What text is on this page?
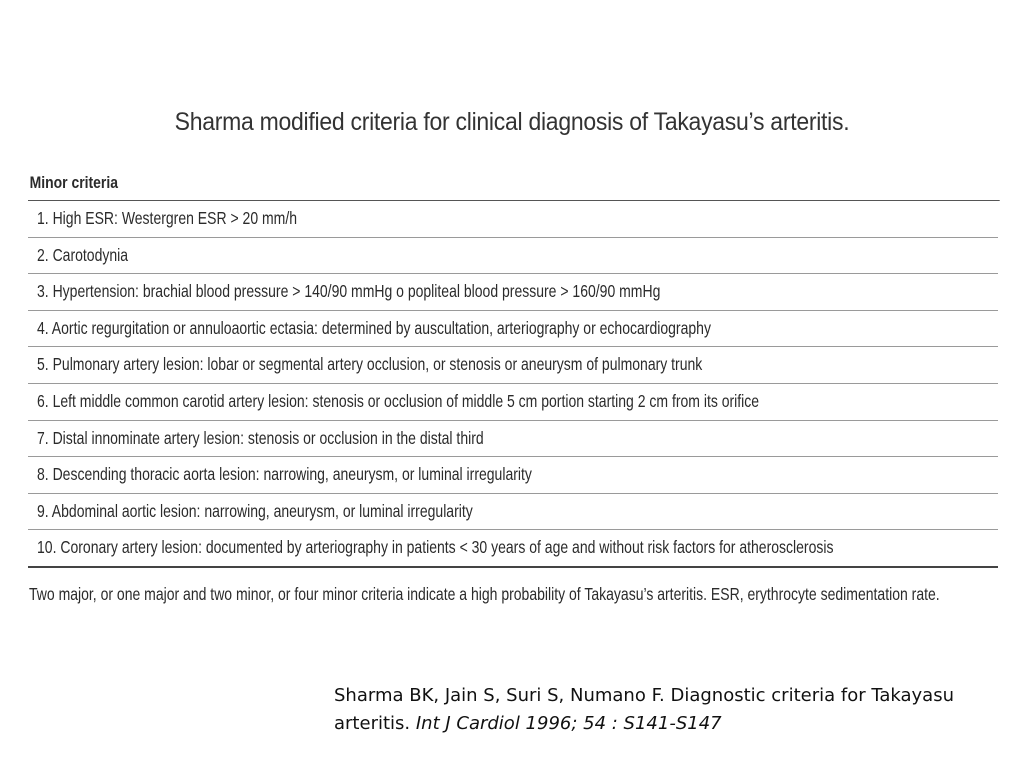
Sharma modified criteria for clinical diagnosis of Takayasu’s arteritis.
Minor criteria
1. High ESR: Westergren ESR > 20 mm/h
2. Carotodynia
3. Hypertension: brachial blood pressure > 140/90 mmHg o popliteal blood pressure > 160/90 mmHg
4. Aortic regurgitation or annuloaortic ectasia: determined by auscultation, arteriography or echocardiography
5. Pulmonary artery lesion: lobar or segmental artery occlusion, or stenosis or aneurysm of pulmonary trunk
6. Left middle common carotid artery lesion: stenosis or occlusion of middle 5 cm portion starting 2 cm from its orifice
7. Distal innominate artery lesion: stenosis or occlusion in the distal third
8. Descending thoracic aorta lesion: narrowing, aneurysm, or luminal irregularity
9. Abdominal aortic lesion: narrowing, aneurysm, or luminal irregularity
10. Coronary artery lesion: documented by arteriography in patients < 30 years of age and without risk factors for atherosclerosis
Two major, or one major and two minor, or four minor criteria indicate a high probability of Takayasu’s arteritis. ESR, erythrocyte sedimentation rate.
Sharma BK, Jain S, Suri S, Numano F. Diagnostic criteria for Takayasu arteritis. Int J Cardiol 1996; 54 : S141-S147
